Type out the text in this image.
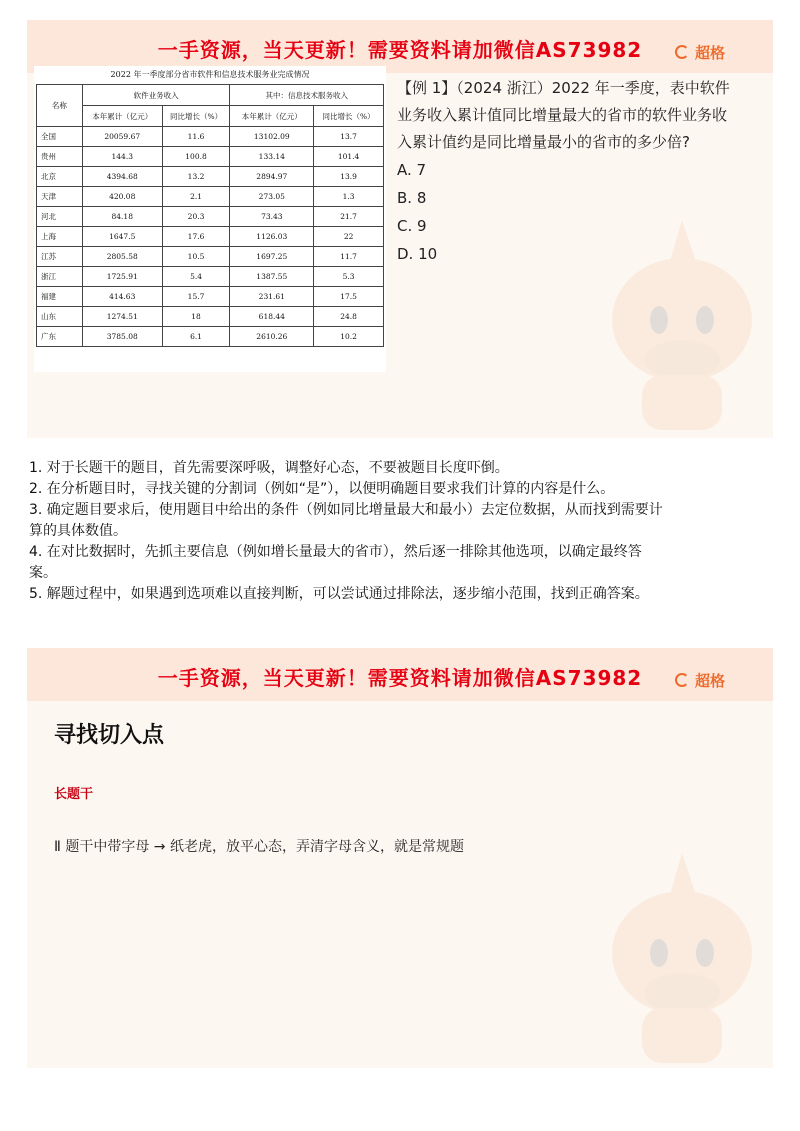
一手资源，当天更新！需要资料请加微信AS73982	超格
2022 年一季度部分省市软件和信息技术服务业完成情况
名称	软件业务收入		其中：信息技术服务收入	
	本年累计（亿元）	同比增长（%）	本年累计（亿元）	同比增长（%）
全国	20059.67	11.6	13102.09	13.7
贵州	144.3	100.8	133.14	101.4
北京	4394.68	13.2	2894.97	13.9
天津	420.08	2.1	273.05	1.3
河北	84.18	20.3	73.43	21.7
上海	1647.5	17.6	1126.03	22
江苏	2805.58	10.5	1697.25	11.7
浙江	1725.91	5.4	1387.55	5.3
福建	414.63	15.7	231.61	17.5
山东	1274.51	18	618.44	24.8
广东	3785.08	6.1	2610.26	10.2

【例 1】（2024 浙江）2022 年一季度，表中软件

业务收入累计值同比增量最大的省市的软件业务收

入累计值约是同比增量最小的省市的多少倍?

A. 7

B. 8

C. 9

D. 10

1. 对于长题干的题目，首先需要深呼吸，调整好心态，不要被题目长度吓倒。

2. 在分析题目时，寻找关键的分割词（例如“是”），以便明确题目要求我们计算的内容是什么。

3. 确定题目要求后，使用题目中给出的条件（例如同比增量最大和最小）去定位数据，从而找到需要计

算的具体数值。

4. 在对比数据时，先抓主要信息（例如增长量最大的省市），然后逐一排除其他选项，以确定最终答

案。

5. 解题过程中，如果遇到选项难以直接判断，可以尝试通过排除法，逐步缩小范围，找到正确答案。

一手资源，当天更新！需要资料请加微信AS73982	超格
寻找切入点
长题干
Ⅱ 题干中带字母 → 纸老虎，放平心态，弄清字母含义，就是常规题
